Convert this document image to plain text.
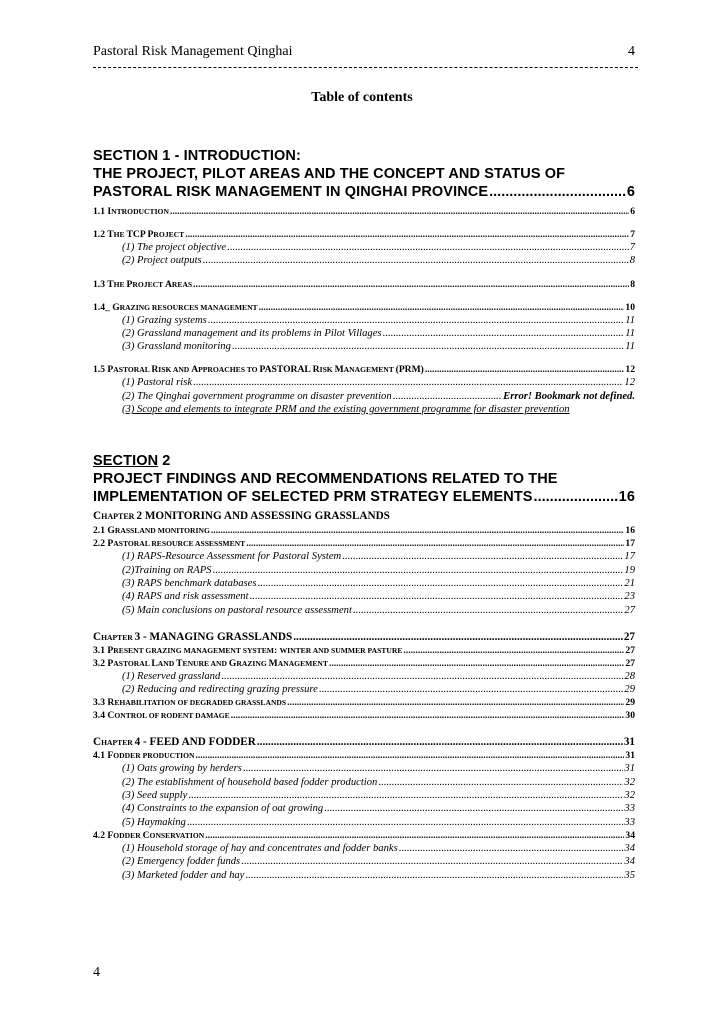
Pastoral Risk Management Qinghai	4
Table of contents
SECTION 1 - INTRODUCTION:
THE PROJECT, PILOT AREAS AND THE CONCEPT AND STATUS OF
PASTORAL RISK MANAGEMENT IN QINGHAI PROVINCE .....	6
1.1 INTRODUCTION .....	6
1.2 THE TCP PROJECT .....	7
(1) The project objective .....	7
(2) Project outputs .....	8
1.3 THE PROJECT AREAS .....	8
1.4_ GRAZING RESOURCES MANAGEMENT .....	10
(1) Grazing systems .....	11
(2) Grassland management and its problems in Pilot Villages .....	11
(3) Grassland monitoring .....	11
1.5 PASTORAL RISK AND APPROACHES TO PASTORAL RISK MANAGEMENT (PRM) .....	12
(1) Pastoral risk .....	12
(2) The Qinghai government programme on disaster prevention .....	Error! Bookmark not defined.
(3) Scope and elements to integrate PRM and the existing government programme for disaster prevention
SECTION 2
PROJECT FINDINGS AND RECOMMENDATIONS RELATED TO THE
IMPLEMENTATION OF SELECTED PRM STRATEGY ELEMENTS .....	16
CHAPTER 2 MONITORING AND ASSESSING GRASSLANDS
2.1 GRASSLAND MONITORING .....	16
2.2 PASTORAL RESOURCE ASSESSMENT .....	17
(1) RAPS-Resource Assessment for Pastoral System .....	17
(2)Training on RAPS .....	19
(3) RAPS benchmark databases .....	21
(4) RAPS and risk assessment .....	23
(5) Main conclusions on pastoral resource assessment .....	27
CHAPTER 3 - MANAGING GRASSLANDS .....	27
3.1 PRESENT GRAZING MANAGEMENT SYSTEM: WINTER AND SUMMER PASTURE .....	27
3.2 PASTORAL LAND TENURE AND GRAZING MANAGEMENT .....	27
(1) Reserved grassland .....	28
(2) Reducing and redirecting grazing pressure .....	29
3.3 REHABILITATION OF DEGRADED GRASSLANDS .....	29
3.4 CONTROL OF RODENT DAMAGE .....	30
CHAPTER 4 - FEED AND FODDER .....	31
4.1 FODDER PRODUCTION .....	31
(1) Oats growing by herders .....	31
(2) The establishment of household based fodder production .....	32
(3) Seed supply .....	32
(4) Constraints to the expansion of oat growing .....	33
(5) Haymaking .....	33
4.2 FODDER CONSERVATION .....	34
(1) Household storage of hay and concentrates and fodder banks .....	34
(2) Emergency fodder funds .....	34
(3) Marketed fodder and hay .....	35
4
